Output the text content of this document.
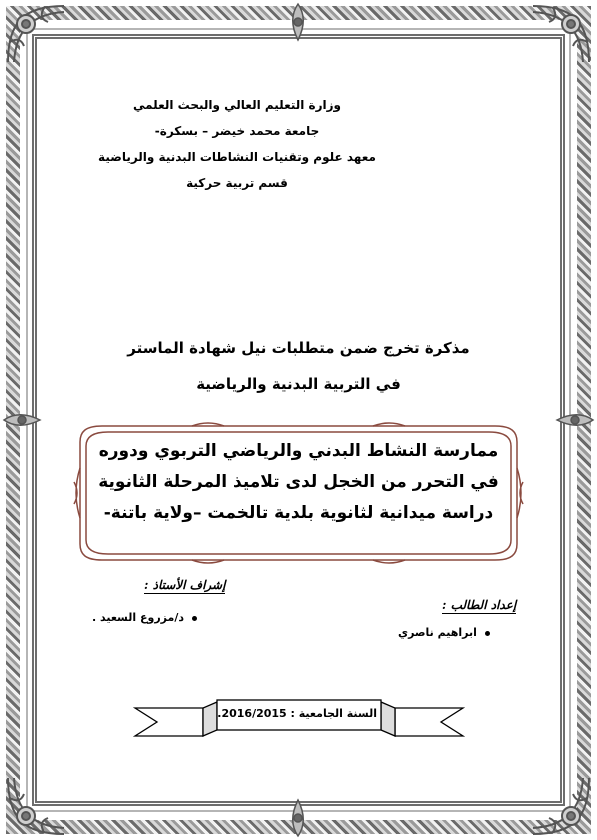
وزارة التعليم العالي والبحث العلمي
جامعة محمد خيضر – بسكرة-
معهد علوم وتقنيات النشاطات البدنية والرياضية
قسم تربية حركية
مذكرة تخرج ضمن متطلبات نيل شهادة الماستر
في التربية البدنية والرياضية
ممارسة النشاط البدني والرياضي التربوي ودوره
في التحرر من الخجل لدى تلاميذ المرحلة الثانوية
دراسة ميدانية لثانوية بلدية تالخمت –ولاية باتنة-
إشراف الأستاذ :
د/مزروع السعيد .
إعداد الطالب :
ابراهيم ناصري
السنة الجامعية : 2016/2015.
